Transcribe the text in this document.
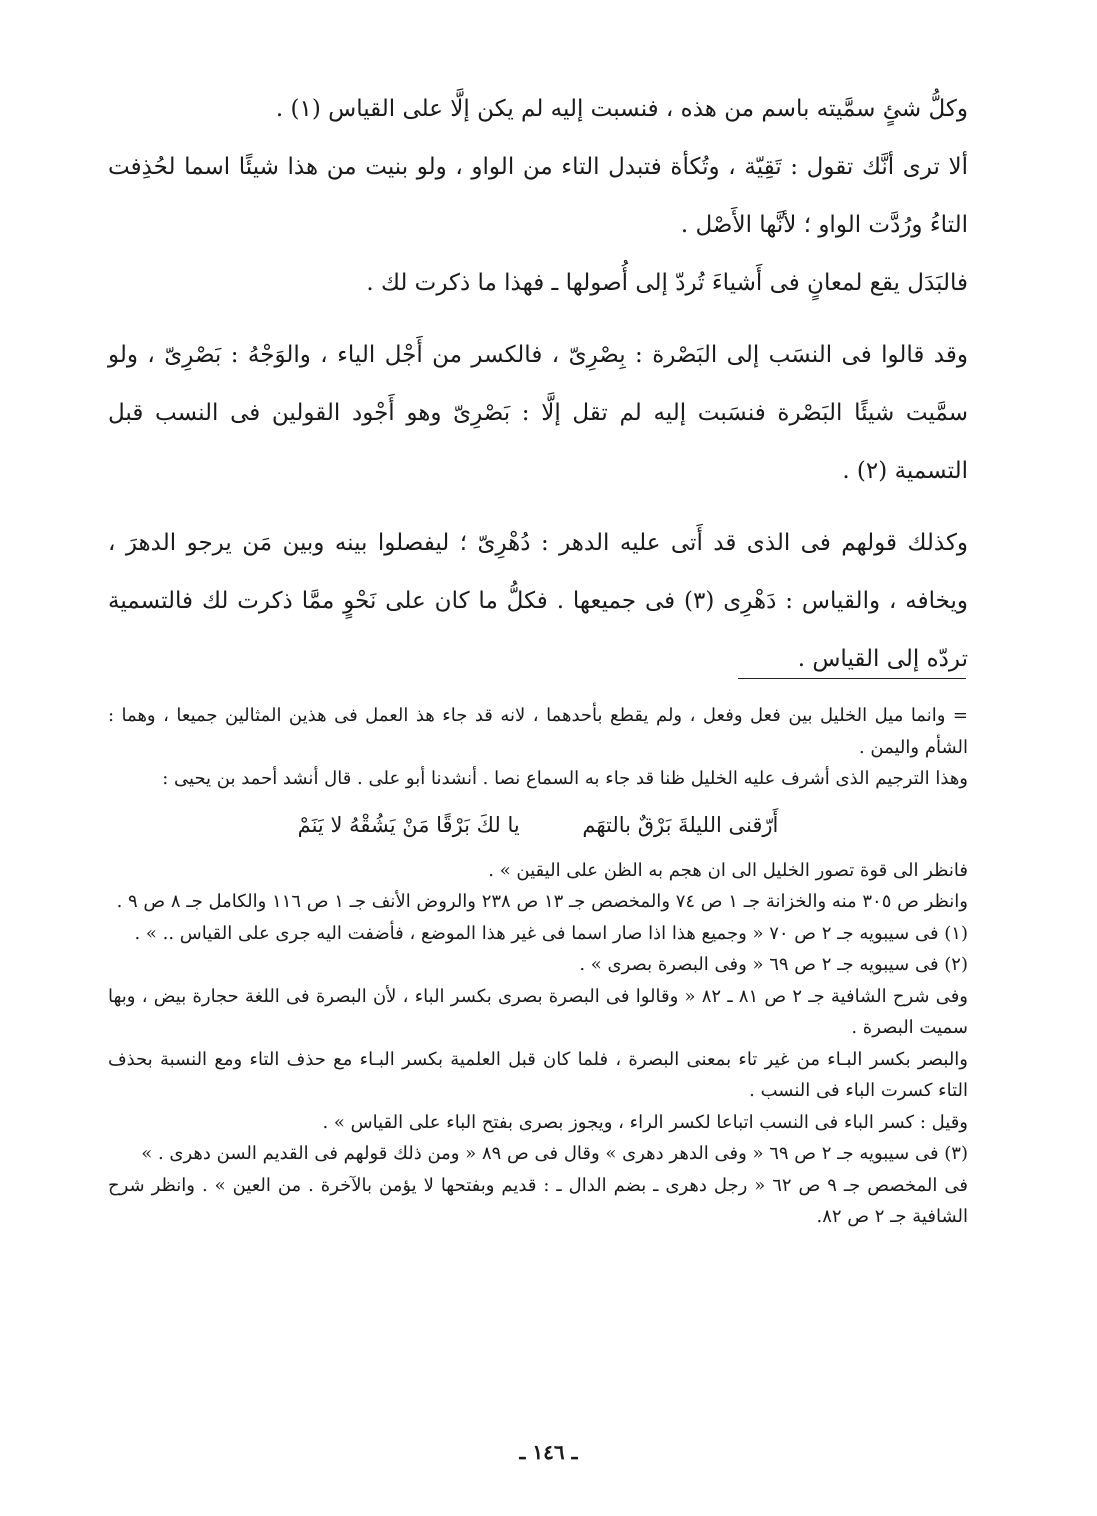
وكلُّ شئٍ سمَّيته باسم من هذه ، فنسبت إليه لم يكن إلَّا على القياس (١) .

ألا ترى أنَّك تقول : تَقِيّة ، وتُكأة فتبدل التاء من الواو ، ولو بنيت من هذا شيئًا اسما لحُذِفت التاءُ ورُدَّت الواو ؛ لأنَّها الأَصْل .

فالبَدَل يقع لمعانٍ فى أَشياءَ تُردّ إلى أُصولها ـ فهذا ما ذكرت لك .

وقد قالوا فى النسَب إلى البَصْرة : بِصْرِىّ ، فالكسر من أَجْل الياء ، والوَجْهُ : بَصْرِىّ ، ولو سمَّيت شيئًا البَصْرة فنسَبت إليه لم تقل إلَّا : بَصْرِىّ وهو أَجْود القولين فى النسب قبل التسمية (٢) .

وكذلك قولهم فى الذى قد أَتى عليه الدهر : دُهْرِىّ ؛ ليفصلوا بينه وبين مَن يرجو الدهرَ ، ويخافه ، والقياس : دَهْرِى (٣) فى جميعها . فكلُّ ما كان على نَحْوٍ ممَّا ذكرت لك فالتسمية تردّه إلى القياس .

= وانما ميل الخليل بين فعل وفعل ، ولم يقطع بأحدهما ، لانه قد جاء هذ العمل فى هذين المثالين جميعا ، وهما : الشأم واليمن .

وهذا الترجيم الذى أشرف عليه الخليل ظنا قد جاء به السماع نصا . أنشدنا أبو على . قال أنشد أحمد بن يحيى :

أَرّقنى الليلةَ بَرْقٌ بالتهَم يا لكَ بَرْقًا مَنْ يَشُقْهُ لا يَنَمْ

فانظر الى قوة تصور الخليل الى ان هجم به الظن على اليقين » .

وانظر ص ٣٠٥ منه والخزانة جـ ١ ص ٧٤ والمخصص جـ ١٣ ص ٢٣٨ والروض الأنف جـ ١ ص ١١٦ والكامل جـ ٨ ص ٩ .

(١) فى سيبويه جـ ٢ ص ٧٠ « وجميع هذا اذا صار اسما فى غير هذا الموضع ، فأضفت اليه جرى على القياس .. » .

(٢) فى سيبويه جـ ٢ ص ٦٩ « وفى البصرة بصرى » .

وفى شرح الشافية جـ ٢ ص ٨١ ـ ٨٢ « وقالوا فى البصرة بصرى بكسر الباء ، لأن البصرة فى اللغة حجارة بيض ، وبها سميت البصرة .

والبصر بكسر البـاء من غير تاء بمعنى البصرة ، فلما كان قبل العلمية بكسر البـاء مع حذف التاء ومع النسبة بحذف التاء كسرت الباء فى النسب .

وقيل : كسر الباء فى النسب اتباعا لكسر الراء ، ويجوز بصرى بفتح الباء على القياس » .

(٣) فى سيبويه جـ ٢ ص ٦٩ « وفى الدهر دهرى » وقال فى ص ٨٩ « ومن ذلك قولهم فى القديم السن دهرى . »

فى المخصص جـ ٩ ص ٦٢ « رجل دهرى ـ بضم الدال ـ : قديم وبفتحها لا يؤمن بالآخرة . من العين » . وانظر شرح الشافية جـ ٢ ص ٨٢.

ـ ١٤٦ ـ
